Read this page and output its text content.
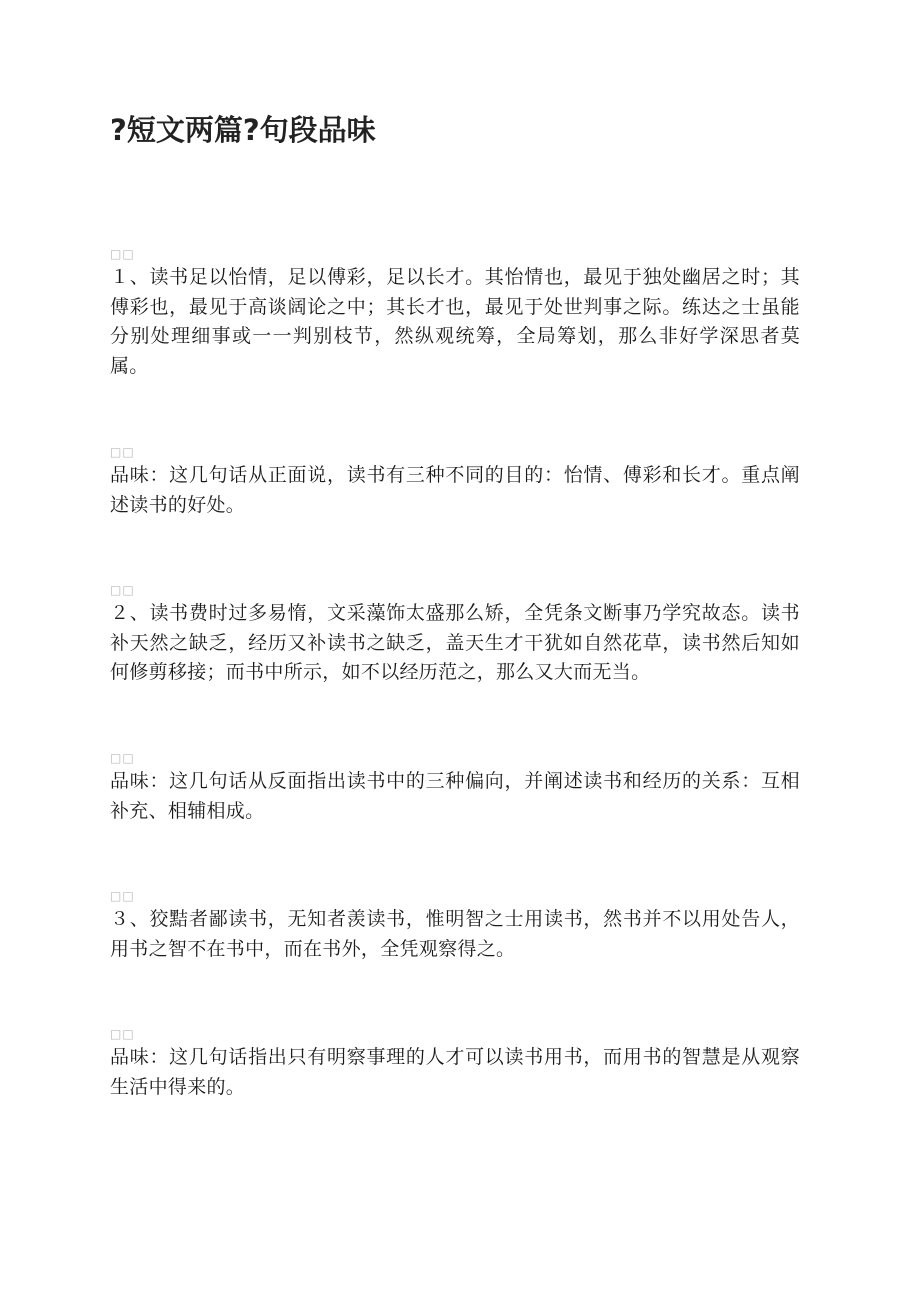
?短文两篇?句段品味
□□

１、读书足以怡情，足以傅彩，足以长才。其怡情也，最见于独处幽居之时；其傅彩也，最见于高谈阔论之中；其长才也，最见于处世判事之际。练达之士虽能分别处理细事或一一判别枝节，然纵观统筹，全局筹划，那么非好学深思者莫属。

□□

品味：这几句话从正面说，读书有三种不同的目的：怡情、傅彩和长才。重点阐述读书的好处。

□□

２、读书费时过多易惰，文采藻饰太盛那么矫，全凭条文断事乃学究故态。读书补天然之缺乏，经历又补读书之缺乏，盖天生才干犹如自然花草，读书然后知如何修剪移接；而书中所示，如不以经历范之，那么又大而无当。

□□

品味：这几句话从反面指出读书中的三种偏向，并阐述读书和经历的关系：互相补充、相辅相成。

□□

３、狡黠者鄙读书，无知者羡读书，惟明智之士用读书，然书并不以用处告人，用书之智不在书中，而在书外，全凭观察得之。

□□

品味：这几句话指出只有明察事理的人才可以读书用书，而用书的智慧是从观察生活中得来的。
